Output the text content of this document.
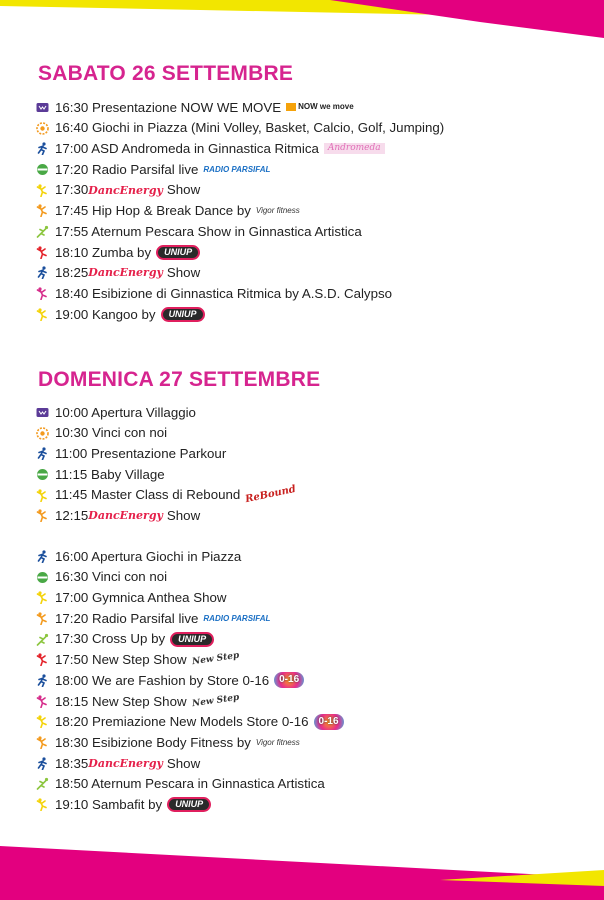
SABATO 26 SETTEMBRE
16:30 Presentazione NOW WE MOVE	NOW we move
16:40 Giochi in Piazza (Mini Volley, Basket, Calcio, Golf, Jumping)
17:00 ASD Andromeda in Ginnastica Ritmica	Andromeda
17:20 Radio Parsifal live RADIO PARSIFAL
17:30 DancEnergy Show
17:45 Hip Hop & Break Dance by Vigor fitness
17:55 Aternum Pescara Show in Ginnastica Artistica
18:10 Zumba by	UNIUP
18:25 DancEnergy Show
18:40 Esibizione di Ginnastica Ritmica by A.S.D. Calypso
19:00 Kangoo by	UNIUP
DOMENICA 27 SETTEMBRE
10:00 Apertura Villaggio
10:30 Vinci con noi
11:00 Presentazione Parkour
11:15 Baby Village
11:45 Master Class di Rebound ReBound
12:15 DancEnergy Show
16:00 Apertura Giochi in Piazza
16:30 Vinci con noi
17:00 Gymnica Anthea Show
17:20 Radio Parsifal live RADIO PARSIFAL
17:30 Cross Up by	UNIUP
17:50 New Step Show New Step
18:00 We are Fashion by Store 0-16	0-16
18:15 New Step Show New Step
18:20 Premiazione New Models Store 0-16	0-16
18:30 Esibizione Body Fitness by Vigor fitness
18:35 DancEnergy Show
18:50 Aternum Pescara in Ginnastica Artistica
19:10 Sambafit by	UNIUP
